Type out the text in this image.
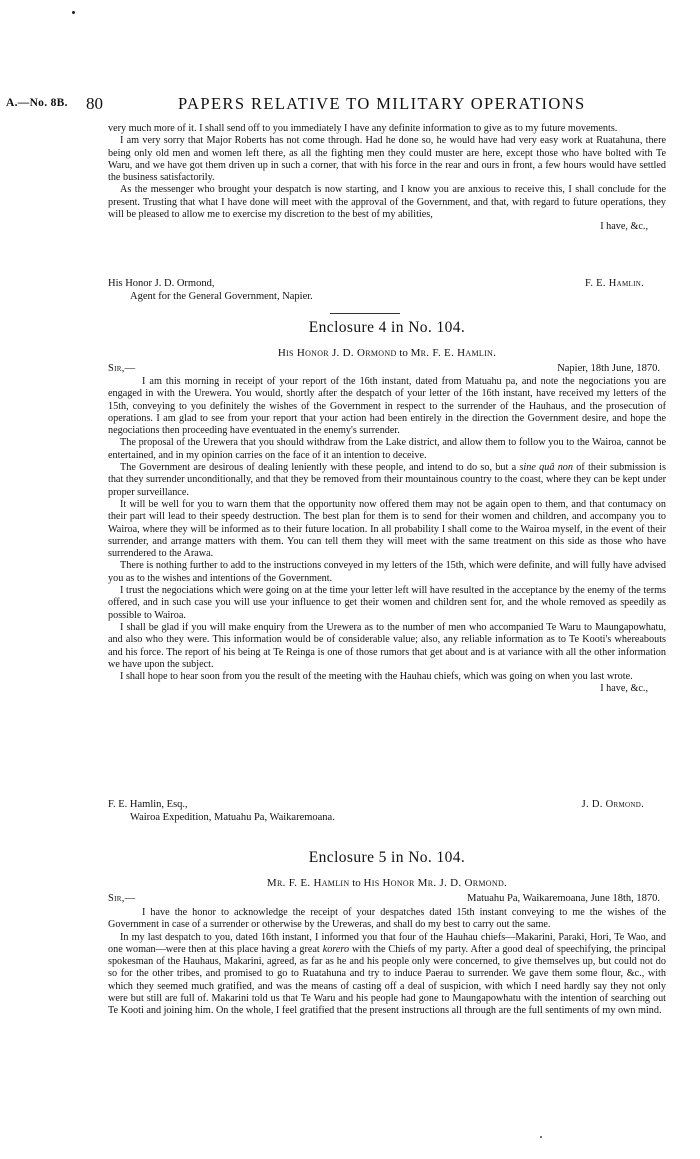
A.—No. 8B. 80	PAPERS RELATIVE TO MILITARY OPERATIONS

very much more of it. I shall send off to you immediately I have any definite information to give as to my future movements.

I am very sorry that Major Roberts has not come through. Had he done so, he would have had very easy work at Ruatahuna, there being only old men and women left there, as all the fighting men they could muster are here, except those who have bolted with Te Waru, and we have got them driven up in such a corner, that with his force in the rear and ours in front, a few hours would have settled the business satisfactorily.

As the messenger who brought your despatch is now starting, and I know you are anxious to receive this, I shall conclude for the present. Trusting that what I have done will meet with the approval of the Government, and that, with regard to future operations, they will be pleased to allow me to exercise my discretion to the best of my abilities,

I have, &c.,

His Honor J. D. Ormond,	F. E. Hamlin.
Agent for the General Government, Napier.
Enclosure 4 in No. 104.
His Honor J. D. Ormond to Mr. F. E. Hamlin.
Sir,—	Napier, 18th June, 1870.

I am this morning in receipt of your report of the 16th instant, dated from Matuahu pa, and note the negociations you are engaged in with the Urewera. You would, shortly after the despatch of your letter of the 16th instant, have received my letters of the 15th, conveying to you definitely the wishes of the Government in respect to the surrender of the Hauhaus, and the prosecution of operations. I am glad to see from your report that your action had been entirely in the direction the Government desire, and hope the negociations then proceeding have eventuated in the enemy's surrender.

The proposal of the Urewera that you should withdraw from the Lake district, and allow them to follow you to the Wairoa, cannot be entertained, and in my opinion carries on the face of it an intention to deceive.

The Government are desirous of dealing leniently with these people, and intend to do so, but a sine quâ non of their submission is that they surrender unconditionally, and that they be removed from their mountainous country to the coast, where they can be kept under proper surveillance.

It will be well for you to warn them that the opportunity now offered them may not be again open to them, and that contumacy on their part will lead to their speedy destruction. The best plan for them is to send for their women and children, and accompany you to Wairoa, where they will be informed as to their future location. In all probability I shall come to the Wairoa myself, in the event of their surrender, and arrange matters with them. You can tell them they will meet with the same treatment on this side as those who have surrendered to the Arawa.

There is nothing further to add to the instructions conveyed in my letters of the 15th, which were definite, and will fully have advised you as to the wishes and intentions of the Government.

I trust the negociations which were going on at the time your letter left will have resulted in the acceptance by the enemy of the terms offered, and in such case you will use your influence to get their women and children sent for, and the whole removed as speedily as possible to Wairoa.

I shall be glad if you will make enquiry from the Urewera as to the number of men who accompanied Te Waru to Maungapowhatu, and also who they were. This information would be of considerable value; also, any reliable information as to Te Kooti's whereabouts and his force. The report of his being at Te Reinga is one of those rumors that get about and is at variance with all the other information we have upon the subject.

I shall hope to hear soon from you the result of the meeting with the Hauhau chiefs, which was going on when you last wrote.

I have, &c.,

F. E. Hamlin, Esq.,	J. D. Ormond.
Wairoa Expedition, Matuahu Pa, Waikaremoana.
Enclosure 5 in No. 104.
Mr. F. E. Hamlin to His Honor Mr. J. D. Ormond.
Sir,—	Matuahu Pa, Waikaremoana, June 18th, 1870.

I have the honor to acknowledge the receipt of your despatches dated 15th instant conveying to me the wishes of the Government in case of a surrender or otherwise by the Ureweras, and shall do my best to carry out the same.

In my last despatch to you, dated 16th instant, I informed you that four of the Hauhau chiefs—Makarini, Paraki, Hori, Te Wao, and one woman—were then at this place having a great korero with the Chiefs of my party. After a good deal of speechifying, the principal spokesman of the Hauhaus, Makarini, agreed, as far as he and his people only were concerned, to give themselves up, but could not do so for the other tribes, and promised to go to Ruatahuna and try to induce Paerau to surrender. We gave them some flour, &c., with which they seemed much gratified, and was the means of casting off a deal of suspicion, with which I need hardly say they not only were but still are full of. Makarini told us that Te Waru and his people had gone to Maungapowhatu with the intention of searching out Te Kooti and joining him. On the whole, I feel gratified that the present instructions all through are the full sentiments of my own mind.
